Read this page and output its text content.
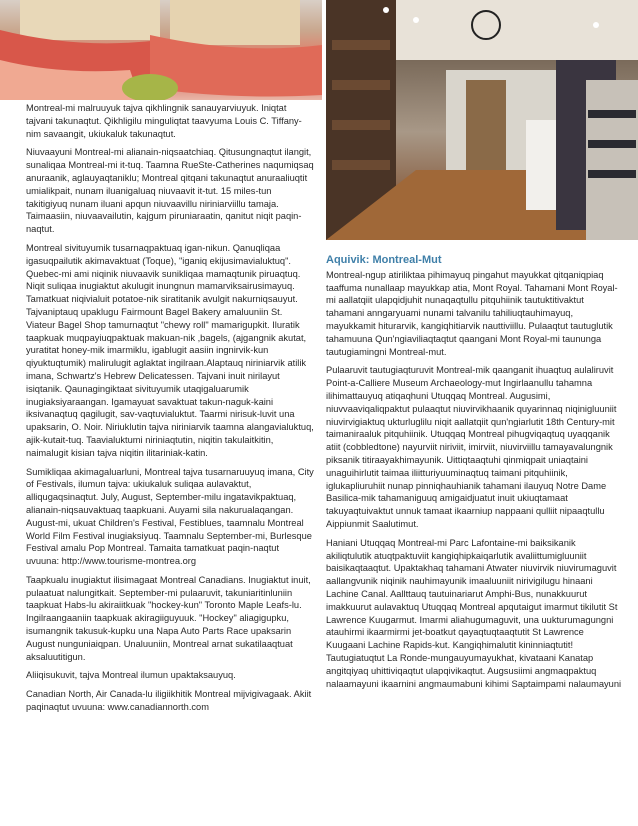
Montreal-mi malruuyuk tajva qikhlingnik sanauyarviuyuk. Iniqtat tajvani takunaqtut. Qikhligilu minguliqtat taavyuma Louis C. Tiffany-nim savaangit, ukiukaluk takunaqtut.

Niuvaayuni Montreal-mi alianain-niqsaatchiaq. Qitusungnaqtut ilangit, sunaliqaa Montreal-mi it-tuq. Taamna RueSte-Catherines naqumiqsaq anuraanik, aglauyaqtaniklu; Montreal qitqani takunaqtut anuraaliuqtit umialikpait, nunam iluanigaluaq niuvaavit it-tut. 15 miles-tun takitigiyuq nunam iluani apqun niuvaavillu niriniarviillu tamaja. Taimaasiin, niuvaavailutin, kajgum piruniaraatin, qanitut niqit paqin-naqtut.

Montreal sivituyumik tusarnaqpaktuaq igan-nikun. Qanuqliqaa igasuqpailutik akimavaktuat (Toque), "iganiq ekijusimavialuktuq". Quebec-mi ami niqinik niuvaavik sunikliqaa mamaqtunik piruaqtuq. Niqit suliqaa inugiaktut akulugit inungnun mamarviksairusimayuq. Tamatkuat niqivialuit potatoe-nik siratitanik avulgit nakurniqsauyut. Tajvaniptauq upaklugu Fairmount Bagel Bakery amaluuniin St. Viateur Bagel Shop tamurnaqtut "chewy roll" mamarigupkit. Iluratik taapkuak muqpayiuqpaktuak makuan-nik ,bagels, (ajgangnik akutat, yuratitat honey-mik imarmiklu, igablugit aasiin ingnirvik-kun qiyuktuqtumik) malirulugit aglaktat ingilraan.Alaptauq niriniarvik atilik imana, Schwartz's Hebrew Delicatessen. Tajvani inuit nirilayut isiqtanik. Qaunagingiktaat sivituyumik utaqigaluarumik inugiaksiyaraangan. Igamayuat savaktuat takun-naguk-kaini iksivanaqtuq qagilugit, sav-vaqtuvialuktut. Taarmi nirisuk-luvit una upaksarin, O. Noir. Niriuklutin tajva niriniarvik taamna alangavialuktuq, ajik-kutait-tuq. Taavialuktumi niriniaqtutin, niqitin takulaitkitin, naimalugit kisian tajva niqitin ilitariniak-katin.

Sumikliqaa akimagaluarluni, Montreal tajva tusarnaruuyuq imana, City of Festivals, ilumun tajva: ukiukaluk suliqaa aulavaktut, alliqugaqsinaqtut. July, August, September-milu ingatavikpaktuaq, alianain-niqsauvaktuaq taapkuani. Auyami sila nakurualaqangan. August-mi, ukuat Children's Festival, Festiblues, taamnalu Montreal World Film Festival inugiaksiyuq. Taamnalu September-mi, Burlesque Festival amalu Pop Montreal. Tamaita tamatkuat paqin-naqtut uvuuna: http://www.tourisme-montrea.org

Taapkualu inugiaktut ilisimagaat Montreal Canadians. Inugiaktut inuit, pulaatuat nalungitkait. September-mi pulaaruvit, takuniaritinluniin taapkuat Habs-lu akiraiitkuak "hockey-kun" Toronto Maple Leafs-lu. Ingilraangaaniin taapkuak akiragiiguyuuk. "Hockey" aliagigupku, isumangnik takusuk-kupku una Napa Auto Parts Race upaksarin August nunguniaiqpan. Unaluuniin, Montreal arnat sukatilaaqtuat aksaluutitigun.

Aliiqisukuvit, tajva Montreal ilumun upaktaksauyuq.

Canadian North, Air Canada-lu iligiikhitik Montreal mijvigivagaak. Akiit paqinaqtut uvuuna: www.canadiannorth.com

Aquivik: Montreal-Mut

Montreal-ngup atiriliktaa pihimayuq pingahut mayukkat qitqaniqpiaq taaffuma nunallaap mayukkap atia, Mont Royal. Tahamani Mont Royal-mi aallatqiit ulapqidjuhit nunaqaqtullu pitquhiinik tautuktitivaktut tahamani anngaryuami nunami talvanilu tahiliuqtauhimayuq, mayukkamit hiturarvik, kangiqhitiarvik nauttiviillu. Pulaaqtut tautuglutik tahamuuna Qun'ngiaviliaqtaqtut qaangani Mont Royal-mi taununga tautugiamingni Montreal-mut.

Pulaaruvit tautugiaqturuvit Montreal-mik qaanganit ihuaqtuq aulaliruvit Point-a-Calliere Museum Archaeology-mut Ingirlaanullu tahamna ilihimattauyuq atiqaqhuni Utuqqaq Montreal. Augusimi, niuvvaaviqaliqpaktut pulaaqtut niuvirvikhaanik quyarinnaq niqinigluuniit niuvirvigiaktuq ukturluglilu niqit aallatqiit qun'ngiarlutit 18th Century-mit taimaniraaluk pitquhiinik. Utuqqaq Montreal pihugviqaqtuq uyaqqanik atiit (cobbledtone) nayurviit niriviit, imirviit, niuvirviillu tamayavalungnik piksanik titiraayakhimayunik. Uittiqtaaqtuhi qinmiqpait uniaqtaini unaguihirlutit taimaa iliitturiyuuminaqtuq taimani pitquhiinik, iglukapliuruhiit nunap pinniqhauhianik tahamani ilauyuq Notre Dame Basilica-mik tahamaniguuq amigaidjuatut inuit ukiuqtamaat takuyaqtuivaktut unnuk tamaat ikaarniup nappaani qulliit nipaaqtullu Aippiunmit Saalutimut.

Haniani Utuqqaq Montreal-mi Parc Lafontaine-mi baiksikanik akiliqtulutik atuqtpaktuviit kangiqhipkaiqarlutik avaliittumigluuniit baisikaqtaaqtut. Upaktakhaq tahamani Atwater niuvirvik niuvirumaguvit aallangvunik niqinik nauhimayunik imaaluuniit nirivigilugu hinaani Lachine Canal. Aallttauq tautuinariarut Amphi-Bus, nunakkuurut imakkuurut aulavaktuq Utuqqaq Montreal apqutaigut imarmut tikilutit St Lawrence Kuugarmut. Imarmi aliahugumaguvit, una uukturumagungni atauhirmi ikaarmirmi jet-boatkut qayaqtuqtaaqtutit St Lawrence Kuugaani Lachine Rapids-kut. Kangiqhimalutit kininniaqtutit! Tautugiatuqtut La Ronde-mungauyumayukhat, kivataani Kanatap angitqiyaq uhittiviqaqtut ulapqivikaqtut. Augsusiimi angmaqpaktuq nalaamayuni ikaarnini angmaumabuni kihimi Saptaimpami nalaumayuni
